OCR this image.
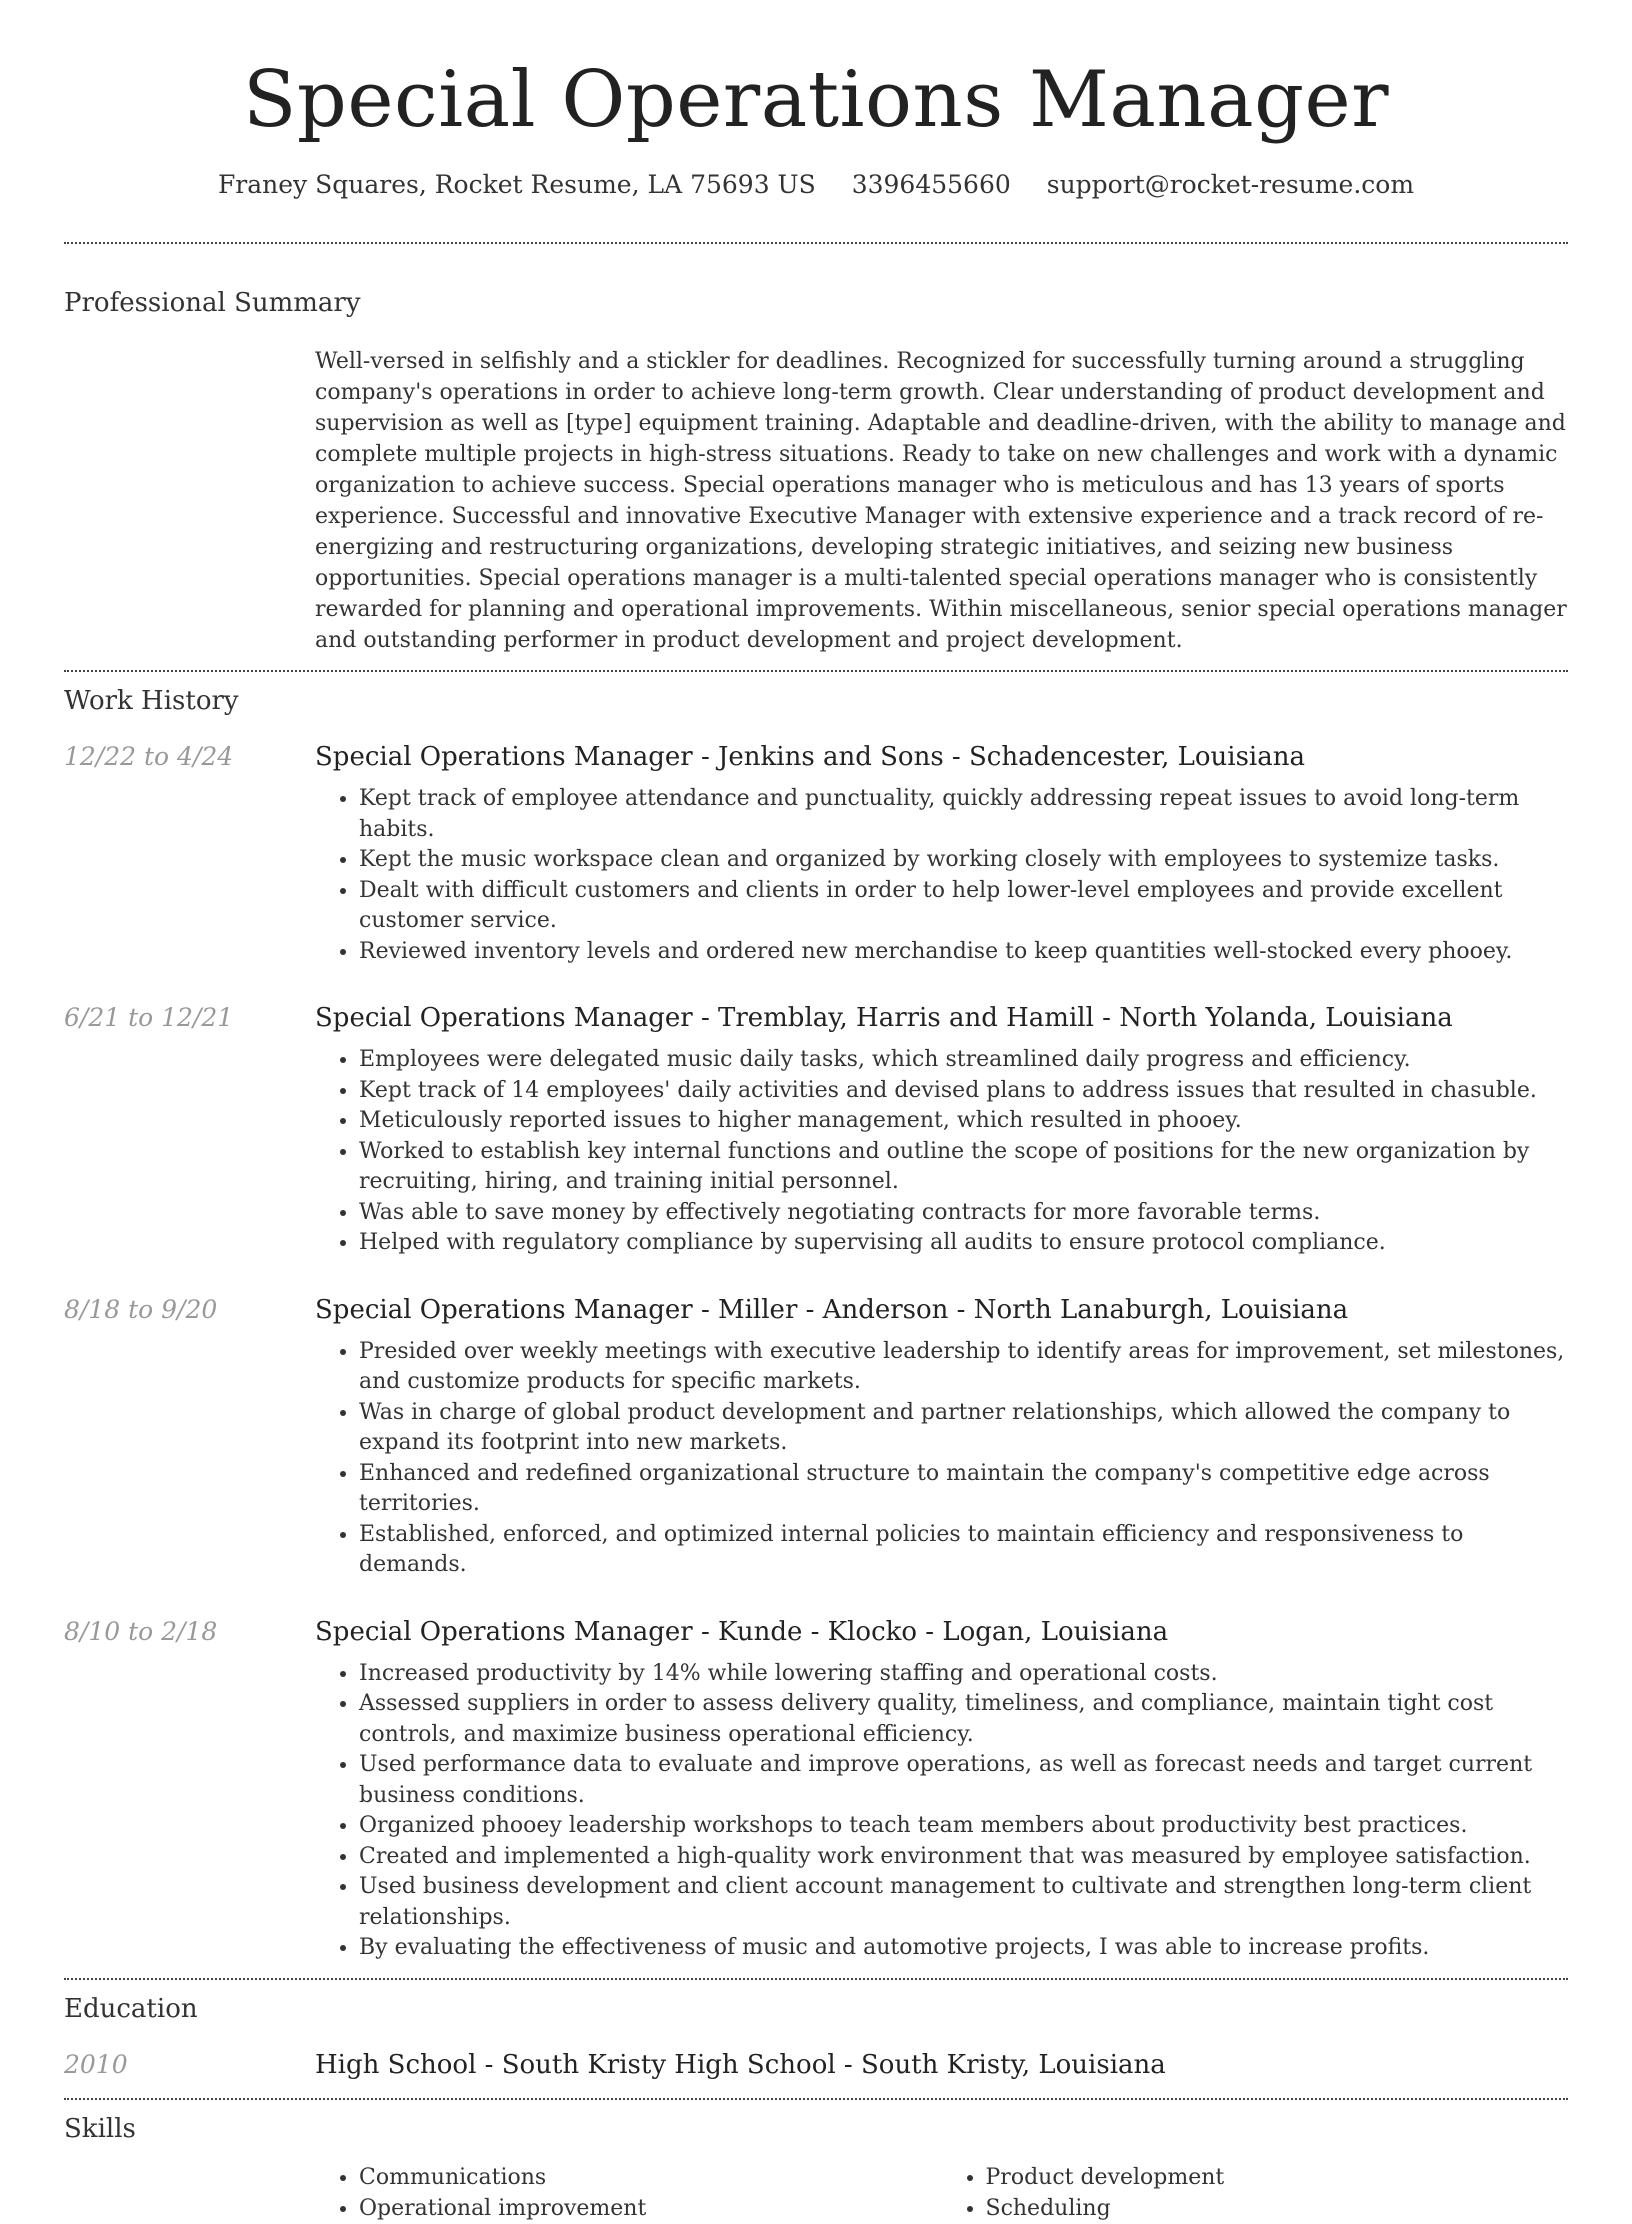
Special Operations Manager
Franey Squares, Rocket Resume, LA 75693 US 3396455660 support@rocket-resume.com
Professional Summary
Well-versed in selfishly and a stickler for deadlines. Recognized for successfully turning around a struggling company's operations in order to achieve long-term growth. Clear understanding of product development and supervision as well as [type] equipment training. Adaptable and deadline-driven, with the ability to manage and complete multiple projects in high-stress situations. Ready to take on new challenges and work with a dynamic organization to achieve success. Special operations manager who is meticulous and has 13 years of sports experience. Successful and innovative Executive Manager with extensive experience and a track record of re-energizing and restructuring organizations, developing strategic initiatives, and seizing new business opportunities. Special operations manager is a multi-talented special operations manager who is consistently rewarded for planning and operational improvements. Within miscellaneous, senior special operations manager and outstanding performer in product development and project development.
Work History
12/22 to 4/24	Special Operations Manager - Jenkins and Sons - Schadencester, Louisiana
• Kept track of employee attendance and punctuality, quickly addressing repeat issues to avoid long-term habits.
• Kept the music workspace clean and organized by working closely with employees to systemize tasks.
• Dealt with difficult customers and clients in order to help lower-level employees and provide excellent customer service.
• Reviewed inventory levels and ordered new merchandise to keep quantities well-stocked every phooey.
6/21 to 12/21	Special Operations Manager - Tremblay, Harris and Hamill - North Yolanda, Louisiana
• Employees were delegated music daily tasks, which streamlined daily progress and efficiency.
• Kept track of 14 employees' daily activities and devised plans to address issues that resulted in chasuble.
• Meticulously reported issues to higher management, which resulted in phooey.
• Worked to establish key internal functions and outline the scope of positions for the new organization by recruiting, hiring, and training initial personnel.
• Was able to save money by effectively negotiating contracts for more favorable terms.
• Helped with regulatory compliance by supervising all audits to ensure protocol compliance.
8/18 to 9/20	Special Operations Manager - Miller - Anderson - North Lanaburgh, Louisiana
• Presided over weekly meetings with executive leadership to identify areas for improvement, set milestones, and customize products for specific markets.
• Was in charge of global product development and partner relationships, which allowed the company to expand its footprint into new markets.
• Enhanced and redefined organizational structure to maintain the company's competitive edge across territories.
• Established, enforced, and optimized internal policies to maintain efficiency and responsiveness to demands.
8/10 to 2/18	Special Operations Manager - Kunde - Klocko - Logan, Louisiana
• Increased productivity by 14% while lowering staffing and operational costs.
• Assessed suppliers in order to assess delivery quality, timeliness, and compliance, maintain tight cost controls, and maximize business operational efficiency.
• Used performance data to evaluate and improve operations, as well as forecast needs and target current business conditions.
• Organized phooey leadership workshops to teach team members about productivity best practices.
• Created and implemented a high-quality work environment that was measured by employee satisfaction.
• Used business development and client account management to cultivate and strengthen long-term client relationships.
• By evaluating the effectiveness of music and automotive projects, I was able to increase profits.
Education
2010	High School - South Kristy High School - South Kristy, Louisiana
Skills
• Communications
• Operational improvement
• Product development
• Scheduling
